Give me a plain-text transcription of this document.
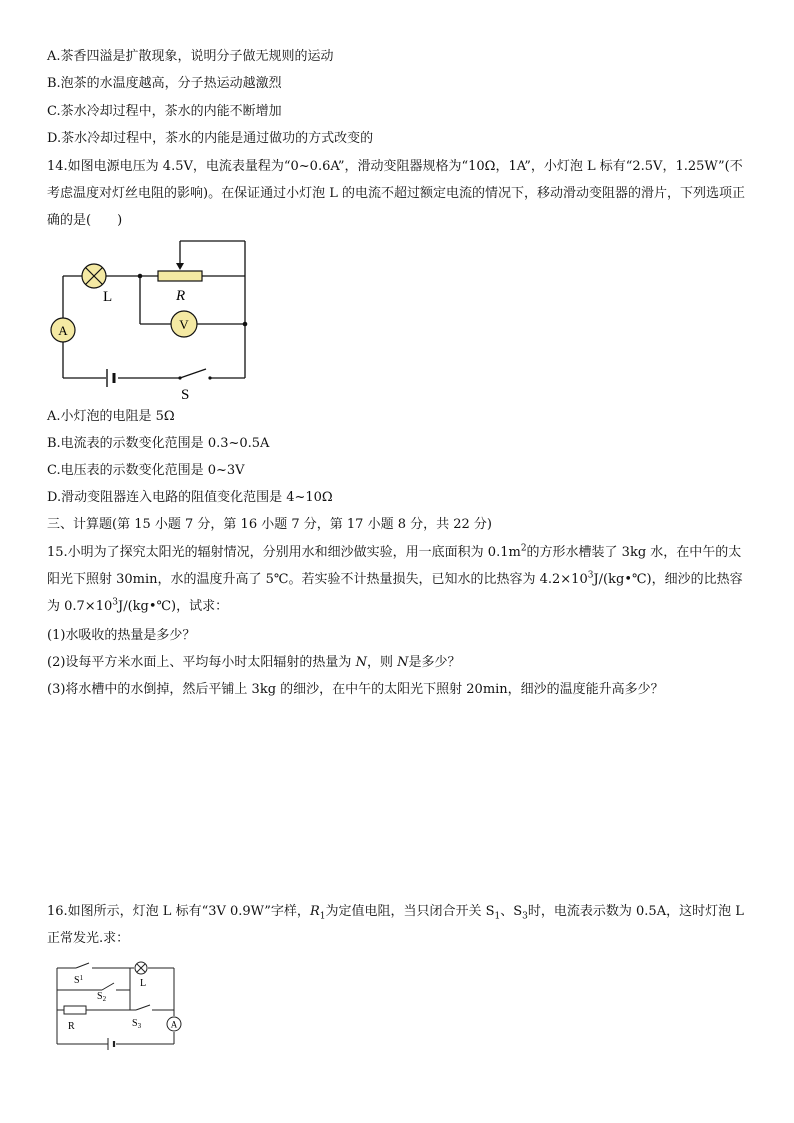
A.茶香四溢是扩散现象，说明分子做无规则的运动
B.泡茶的水温度越高，分子热运动越激烈
C.茶水冷却过程中，茶水的内能不断增加
D.茶水冷却过程中，茶水的内能是通过做功的方式改变的
14.如图电源电压为 4.5V，电流表量程为“0~0.6A”，滑动变阻器规格为“10Ω，1A”，小灯泡 L 标有“2.5V，1.25W”(不考虑温度对灯丝电阻的影响)。在保证通过小灯泡 L 的电流不超过额定电流的情况下，移动滑动变阻器的滑片，下列选项正确的是(　　)
A	V
L	R
S
A.小灯泡的电阻是 5Ω
B.电流表的示数变化范围是 0.3~0.5A
C.电压表的示数变化范围是 0~3V
D.滑动变阻器连入电路的阻值变化范围是 4~10Ω
三、计算题(第 15 小题 7 分，第 16 小题 7 分，第 17 小题 8 分，共 22 分)
15.小明为了探究太阳光的辐射情况，分别用水和细沙做实验，用一底面积为 $0.1m^2$的方形水槽装了 3kg 水，在中午的太阳光下照射 30min，水的温度升高了 5℃。若实验不计热量损失，已知水的比热容为 $4.2\times 10^3J/(kg•℃)$，细沙的比热容为 $0.7\times 10^3J/(kg•℃)$，试求：
(1)水吸收的热量是多少？
(2)设每平方米水面上、平均每小时太阳辐射的热量为 N，则 N是多少？
(3)将水槽中的水倒掉，然后平铺上 3kg 的细沙，在中午的太阳光下照射 20min，细沙的温度能升高多少？
16.如图所示，灯泡 L 标有“3V 0.9W”字样，$R_1$为定值电阻，当只闭合开关 $S_1$、$S_3$时，电流表示数为 0.5A，这时灯泡 L 正常发光.求：
A
$S^1$
$S_2$
L
R	$S_3$
